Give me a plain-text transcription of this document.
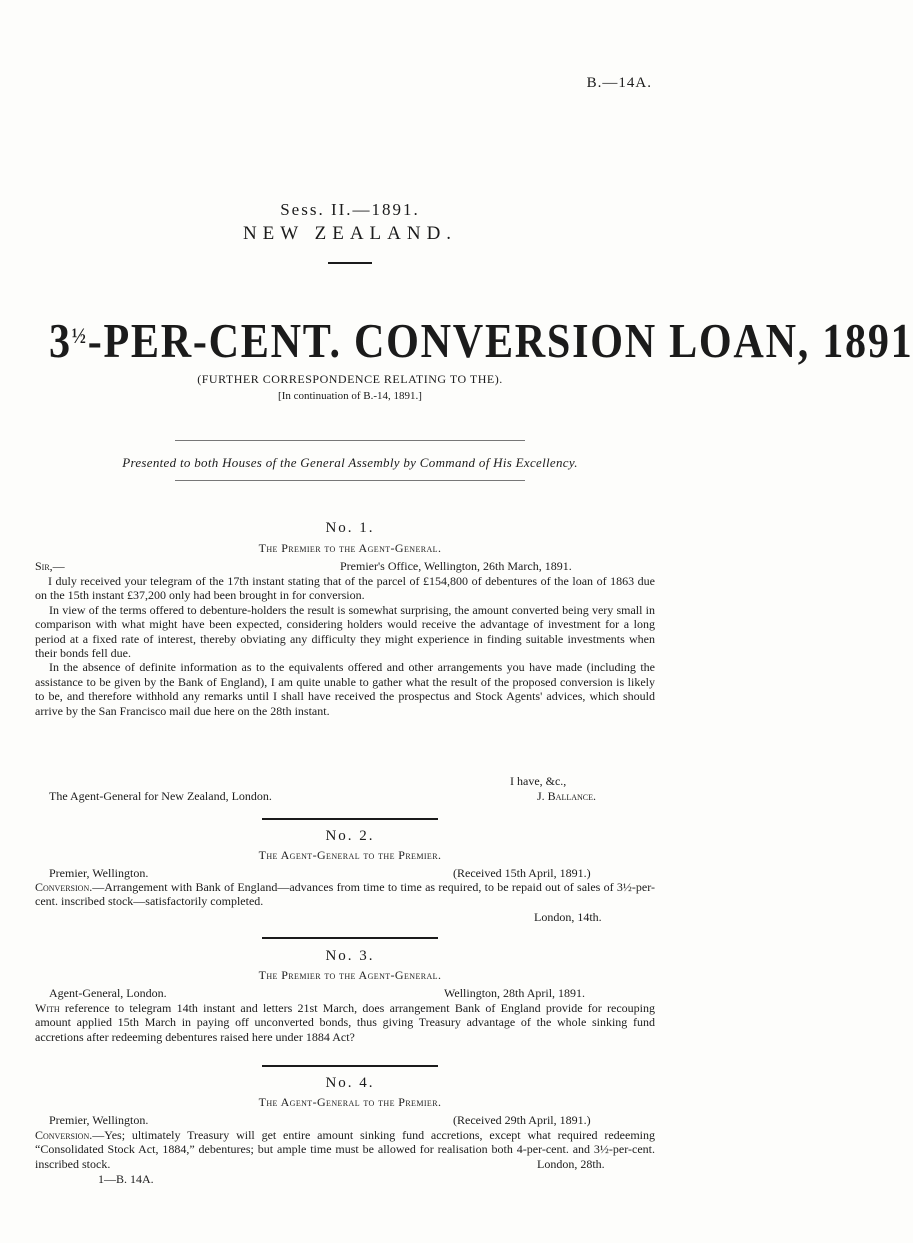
B.—14A.
Sess. II.—1891.
NEW ZEALAND.
$3^{\frac{1}{2}}-PER$-CENT. CONVERSION LOAN, 1891
(FURTHER CORRESPONDENCE RELATING TO THE).
[In continuation of B.-14, 1891.]
Presented to both Houses of the General Assembly by Command of His Excellency.
No. 1.
The Premier to the Agent-General.
Sir,—	Premier's Office, Wellington, 26th March, 1891.

I duly received your telegram of the 17th instant stating that of the parcel of £154,800 of debentures of the loan of 1863 due on the 15th instant £37,200 only had been brought in for conversion.

In view of the terms offered to debenture-holders the result is somewhat surprising, the amount converted being very small in comparison with what might have been expected, considering holders would receive the advantage of investment for a long period at a fixed rate of interest, thereby obviating any difficulty they might experience in finding suitable investments when their bonds fell due.

In the absence of definite information as to the equivalents offered and other arrangements you have made (including the assistance to be given by the Bank of England), I am quite unable to gather what the result of the proposed conversion is likely to be, and therefore withhold any remarks until I shall have received the prospectus and Stock Agents' advices, which should arrive by the San Francisco mail due here on the 28th instant.

I have, &c.,
The Agent-General for New Zealand, London.	J. Ballance.
No. 2.
The Agent-General to the Premier.
Premier, Wellington.	(Received 15th April, 1891.)
Conversion.—Arrangement with Bank of England—advances from time to time as required, to be repaid out of sales of 3½-per-cent. inscribed stock—satisfactorily completed.
London, 14th.
No. 3.
The Premier to the Agent-General.
Agent-General, London.	Wellington, 28th April, 1891.
With reference to telegram 14th instant and letters 21st March, does arrangement Bank of England provide for recouping amount applied 15th March in paying off unconverted bonds, thus giving Treasury advantage of the whole sinking fund accretions after redeeming debentures raised here under 1884 Act?
No. 4.
The Agent-General to the Premier.
Premier, Wellington.	(Received 29th April, 1891.)
Conversion.—Yes; ultimately Treasury will get entire amount sinking fund accretions, except what required redeeming “Consolidated Stock Act, 1884,” debentures; but ample time must be allowed for realisation both 4-per-cent. and 3½-per-cent. inscribed stock.	London, 28th.
1—B. 14A.
